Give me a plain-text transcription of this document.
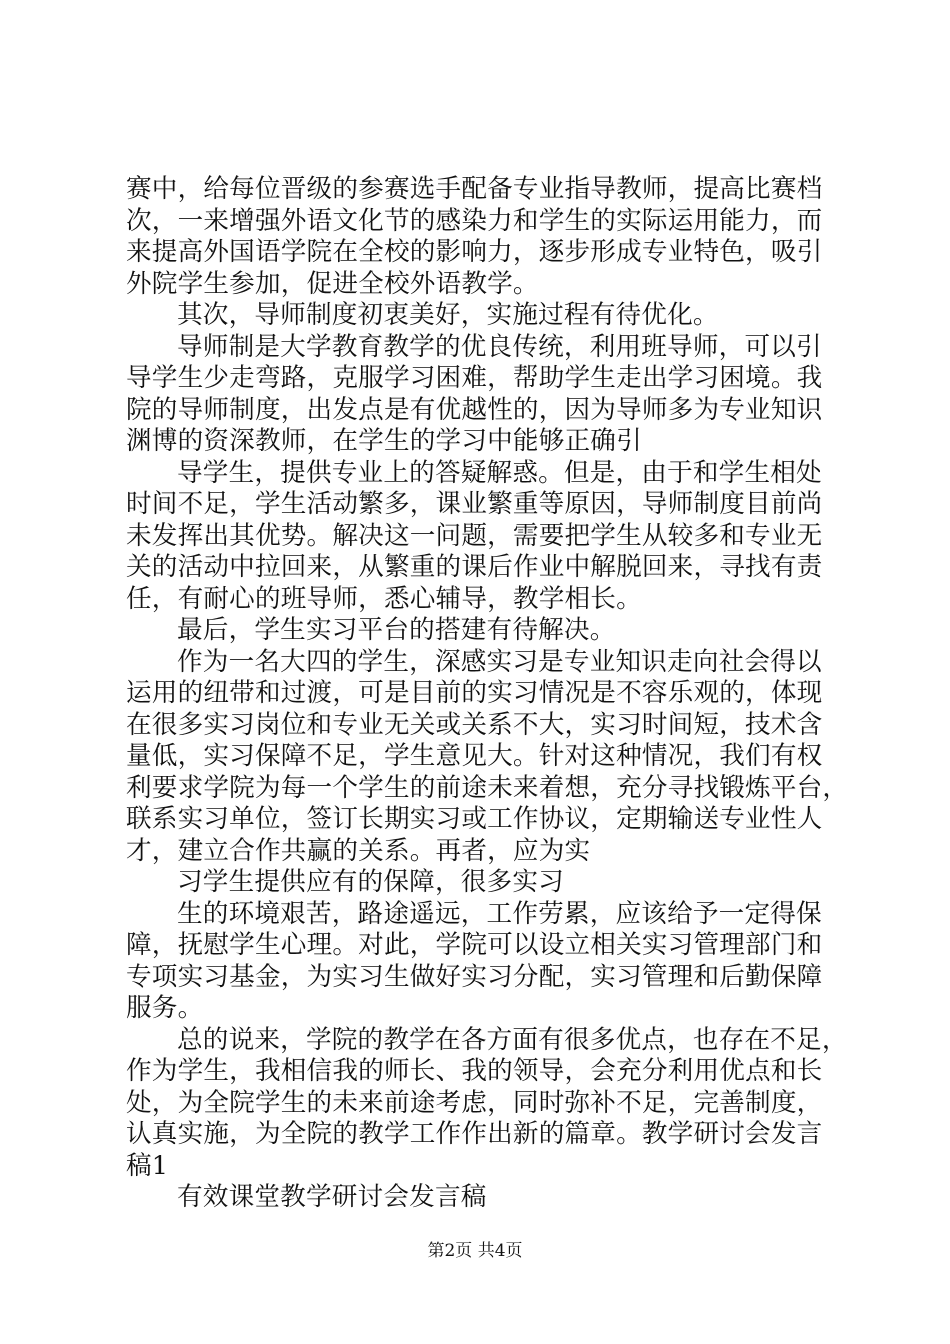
赛中，给每位晋级的参赛选手配备专业指导教师，提高比赛档
次，一来增强外语文化节的感染力和学生的实际运用能力，而
来提高外国语学院在全校的影响力，逐步形成专业特色，吸引
外院学生参加，促进全校外语教学。
其次，导师制度初衷美好，实施过程有待优化。
导师制是大学教育教学的优良传统，利用班导师，可以引
导学生少走弯路，克服学习困难，帮助学生走出学习困境。我
院的导师制度，出发点是有优越性的，因为导师多为专业知识
渊博的资深教师，在学生的学习中能够正确引
导学生，提供专业上的答疑解惑。但是，由于和学生相处
时间不足，学生活动繁多，课业繁重等原因，导师制度目前尚
未发挥出其优势。解决这一问题，需要把学生从较多和专业无
关的活动中拉回来，从繁重的课后作业中解脱回来，寻找有责
任，有耐心的班导师，悉心辅导，教学相长。
最后，学生实习平台的搭建有待解决。
作为一名大四的学生，深感实习是专业知识走向社会得以
运用的纽带和过渡，可是目前的实习情况是不容乐观的，体现
在很多实习岗位和专业无关或关系不大，实习时间短，技术含
量低，实习保障不足，学生意见大。针对这种情况，我们有权
利要求学院为每一个学生的前途未来着想，充分寻找锻炼平台，
联系实习单位，签订长期实习或工作协议，定期输送专业性人
才，建立合作共赢的关系。再者，应为实
习学生提供应有的保障，很多实习
生的环境艰苦，路途遥远，工作劳累，应该给予一定得保
障，抚慰学生心理。对此，学院可以设立相关实习管理部门和
专项实习基金，为实习生做好实习分配，实习管理和后勤保障
服务。
总的说来，学院的教学在各方面有很多优点，也存在不足，
作为学生，我相信我的师长、我的领导，会充分利用优点和长
处，为全院学生的未来前途考虑，同时弥补不足，完善制度，
认真实施，为全院的教学工作作出新的篇章。教学研讨会发言
稿1
有效课堂教学研讨会发言稿
第2页 共4页
